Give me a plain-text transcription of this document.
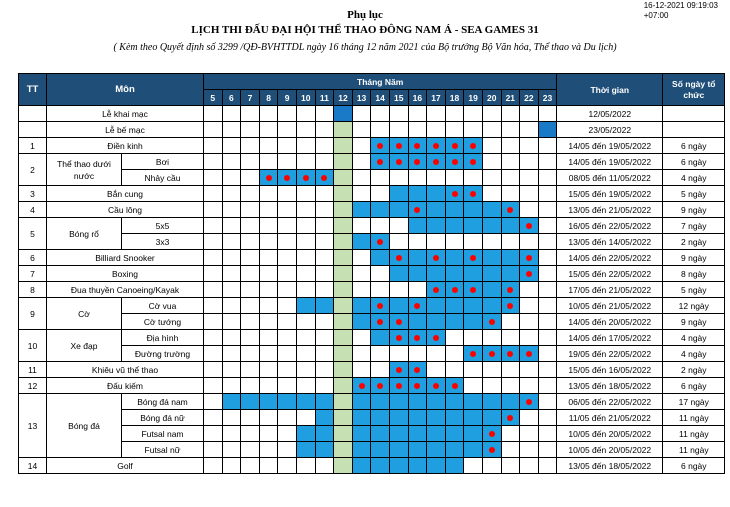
16-12-2021 09:19:03
+07:00
Phụ lục
LỊCH THI ĐẤU ĐẠI HỘI THỂ THAO ĐÔNG NAM Á - SEA GAMES 31
( Kèm theo Quyết định số 3299 /QĐ-BVHTTDL ngày 16 tháng 12 năm 2021 của Bộ trưởng Bộ Văn hóa, Thể thao và Du lịch)
TT	Môn		Tháng Năm																			Thời gian	Số ngày tổ chức
			5	6	7	8	9	10	11	12	13	14	15	16	17	18	19	20	21	22	23		
	Lễ khai mạc																					12/05/2022	
	Lễ bế mạc																					23/05/2022	
1	Điền kinh																					14/05 đến 19/05/2022	6 ngày
2	Thể thao dưới nước	Bơi																				14/05 đến 19/05/2022	6 ngày
		Nhảy cầu																				08/05 đến 11/05/2022	4 ngày
3	Bắn cung																					15/05 đến 19/05/2022	5 ngày
4	Cầu lông																					13/05 đến 21/05/2022	9 ngày
5	Bóng rổ	5x5																				16/05 đến 22/05/2022	7 ngày
		3x3																				13/05 đến 14/05/2022	2 ngày
6	Billiard Snooker																					14/05 đến 22/05/2022	9 ngày
7	Boxing																					15/05 đến 22/05/2022	8 ngày
8	Đua thuyền Canoeing/Kayak																					17/05 đến 21/05/2022	5 ngày
9	Cờ	Cờ vua																				10/05 đến 21/05/2022	12 ngày
		Cờ tướng																				14/05 đến 20/05/2022	9 ngày
10	Xe đạp	Địa hình																				14/05 đến 17/05/2022	4 ngày
		Đường trường																				19/05 đến 22/05/2022	4 ngày
11	Khiêu vũ thể thao																					15/05 đến 16/05/2022	2 ngày
12	Đấu kiếm																					13/05 đến 18/05/2022	6 ngày
13	Bóng đá	Bóng đá nam																				06/05 đến 22/05/2022	17 ngày
		Bóng đá nữ																				11/05 đến 21/05/2022	11 ngày
		Futsal nam																				10/05 đến 20/05/2022	11 ngày
		Futsal nữ																				10/05 đến 20/05/2022	11 ngày
14	Golf																					13/05 đến 18/05/2022	6 ngày
